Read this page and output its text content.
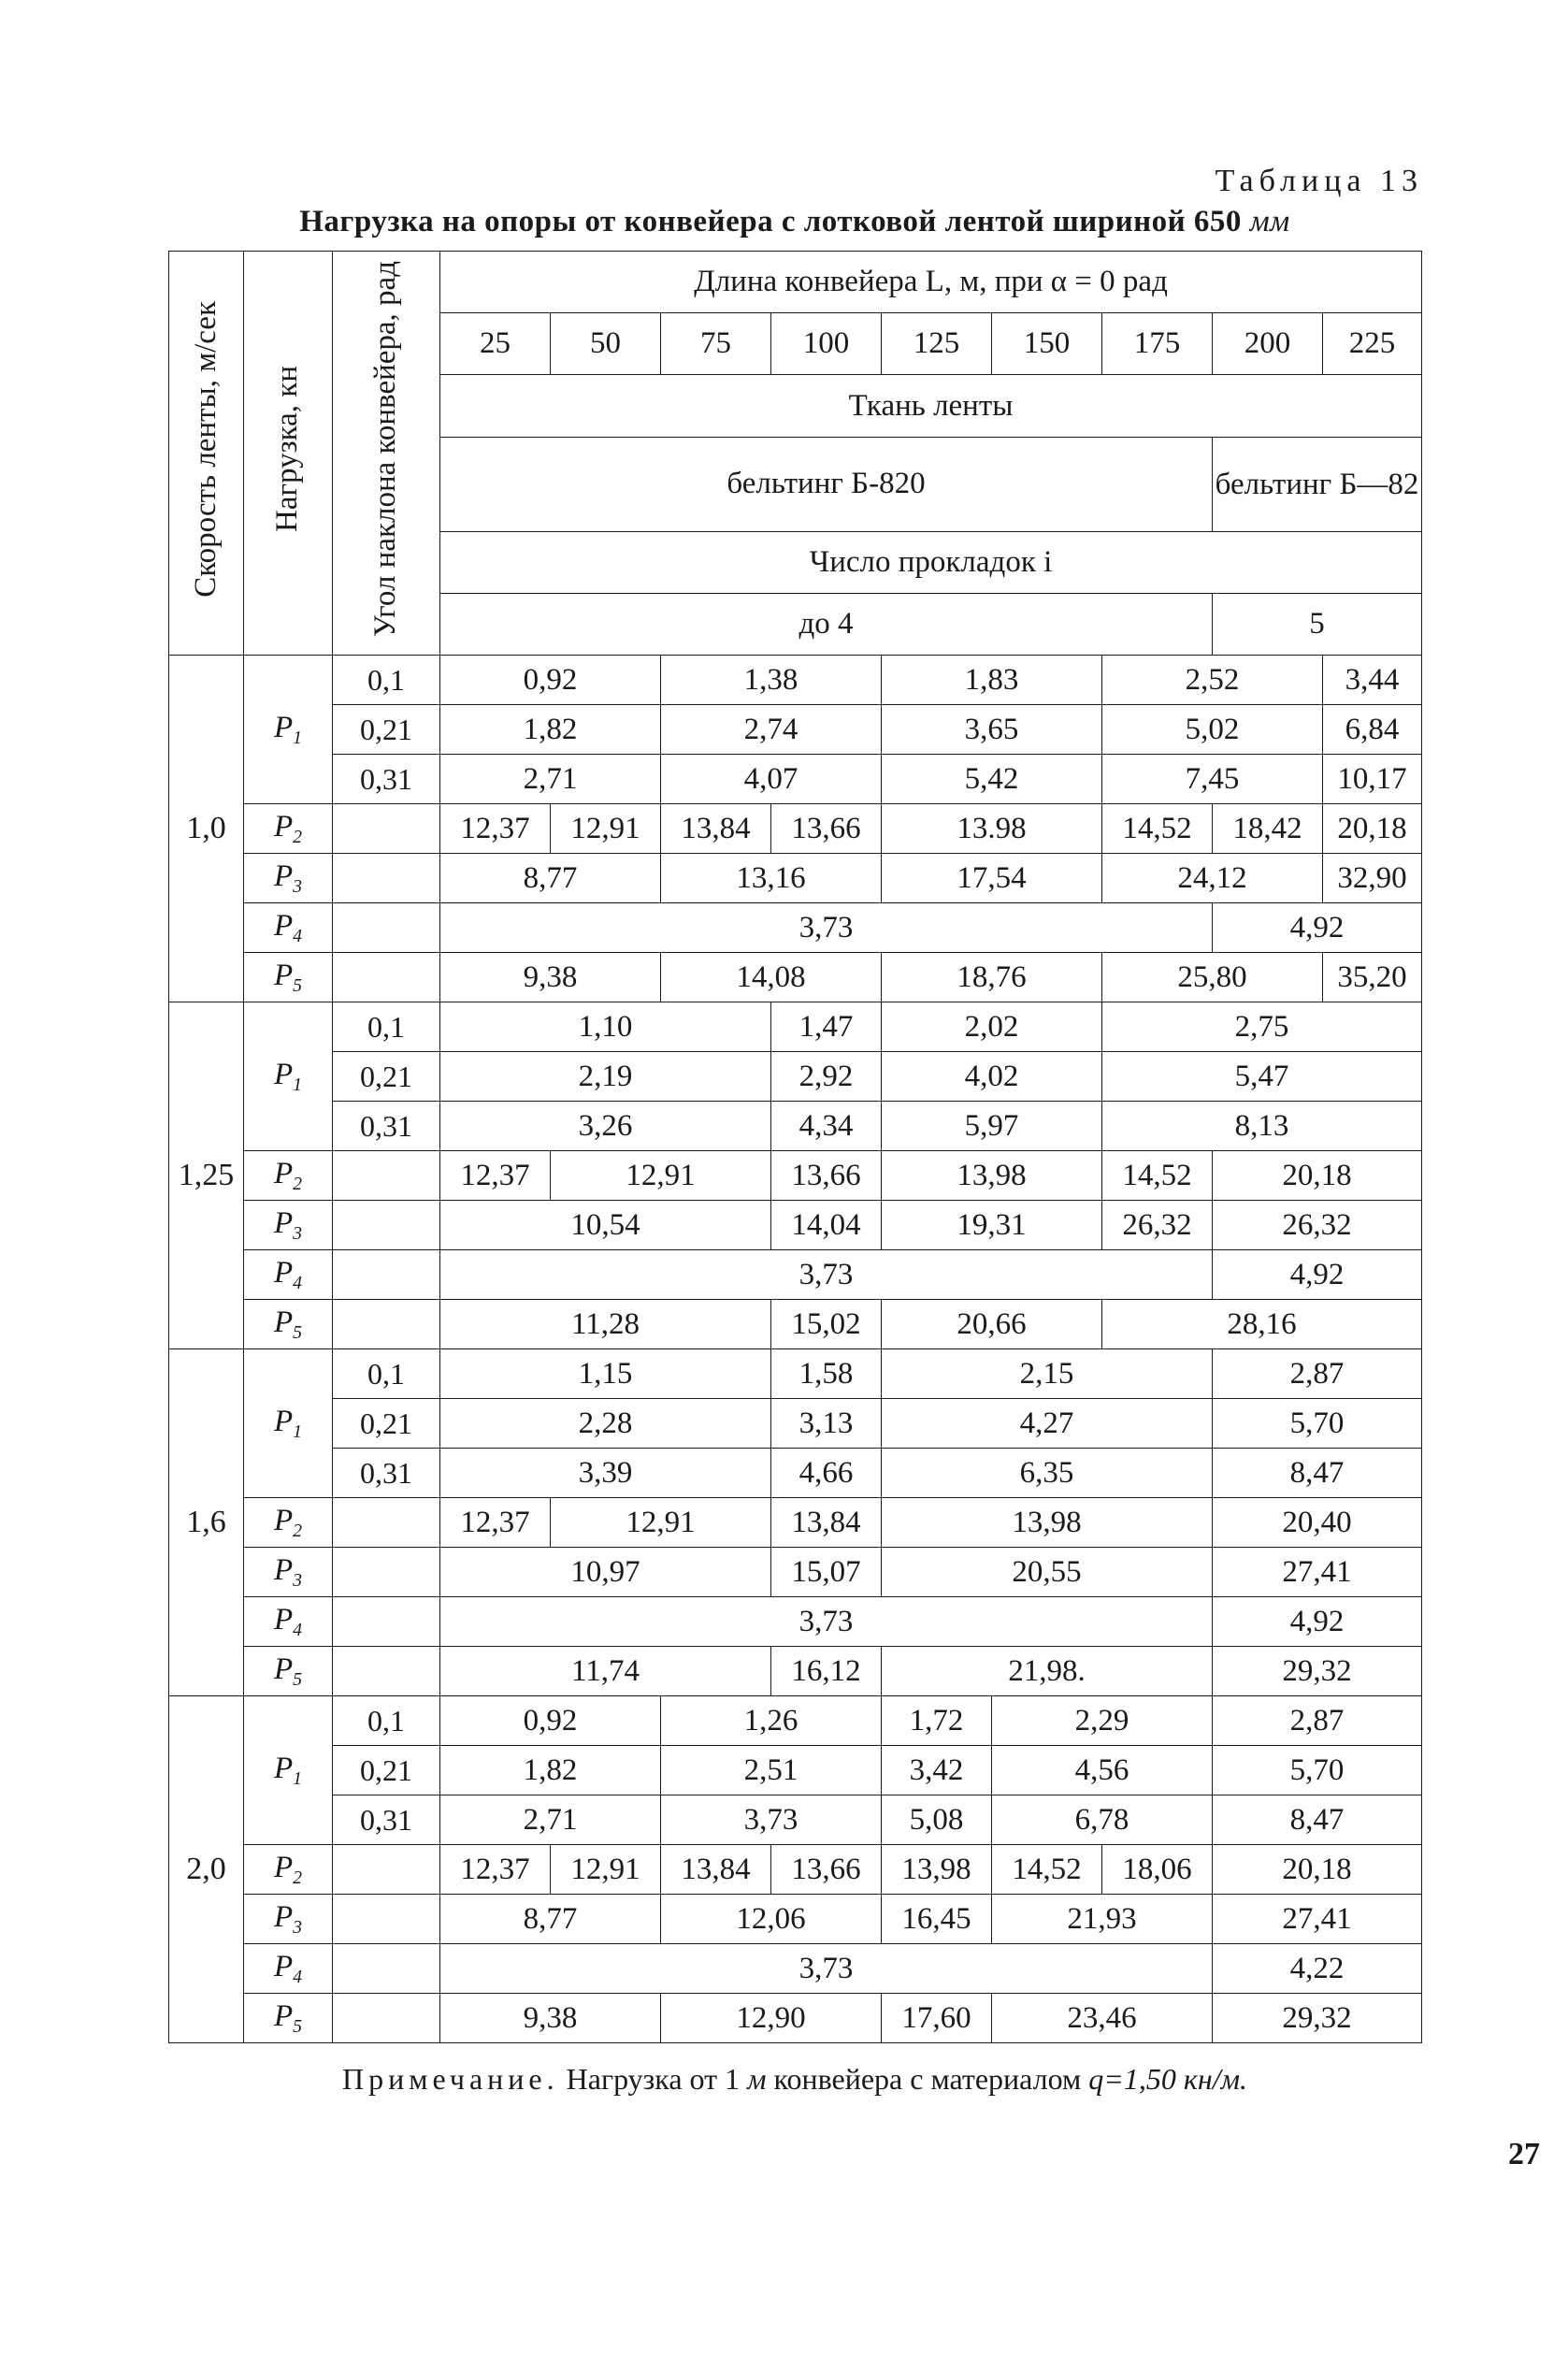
Таблица 13
Нагрузка на опоры от конвейера с лотковой лентой шириной 650 мм
Скорость ленты, м/сек	Нагрузка, кн	Угол наклона конвейера, рад	Длина конвейера L, м, при α = 0 рад								
			25	50	75	100	125	150	175	200	225
			Ткань ленты								
			бельтинг Б-820							бельтинг Б—82	
			Число прокладок i								
			до 4							5	
1,0	$P_1$	0,1	0,92		1,38		1,83		2,52		3,44
		0,21	1,82		2,74		3,65		5,02		6,84
		0,31	2,71		4,07		5,42		7,45		10,17
	$P_2$		12,37	12,91	13,84	13,66	13.98		14,52	18,42	20,18
	$P_3$		8,77		13,16		17,54		24,12		32,90
	$P_4$		3,73							4,92	
	$P_5$		9,38		14,08		18,76		25,80		35,20
1,25	$P_1$	0,1	1,10			1,47	2,02		2,75		
		0,21	2,19			2,92	4,02		5,47		
		0,31	3,26			4,34	5,97		8,13		
	$P_2$		12,37	12,91		13,66	13,98		14,52	20,18	
	$P_3$		10,54			14,04	19,31		26,32	26,32	
	$P_4$		3,73							4,92	
	$P_5$		11,28			15,02	20,66		28,16		
1,6	$P_1$	0,1	1,15			1,58	2,15			2,87	
		0,21	2,28			3,13	4,27			5,70	
		0,31	3,39			4,66	6,35			8,47	
	$P_2$		12,37	12,91		13,84	13,98			20,40	
	$P_3$		10,97			15,07	20,55			27,41	
	$P_4$		3,73							4,92	
	$P_5$		11,74			16,12	21,98.			29,32	
2,0	$P_1$	0,1	0,92		1,26		1,72	2,29		2,87	
		0,21	1,82		2,51		3,42	4,56		5,70	
		0,31	2,71		3,73		5,08	6,78		8,47	
	$P_2$		12,37	12,91	13,84	13,66	13,98	14,52	18,06	20,18	
	$P_3$		8,77		12,06		16,45	21,93		27,41	
	$P_4$		3,73							4,22	
	$P_5$		9,38		12,90		17,60	23,46		29,32	
Примечание. Нагрузка от 1 м конвейера с материалом q=1,50 кн/м.
27
